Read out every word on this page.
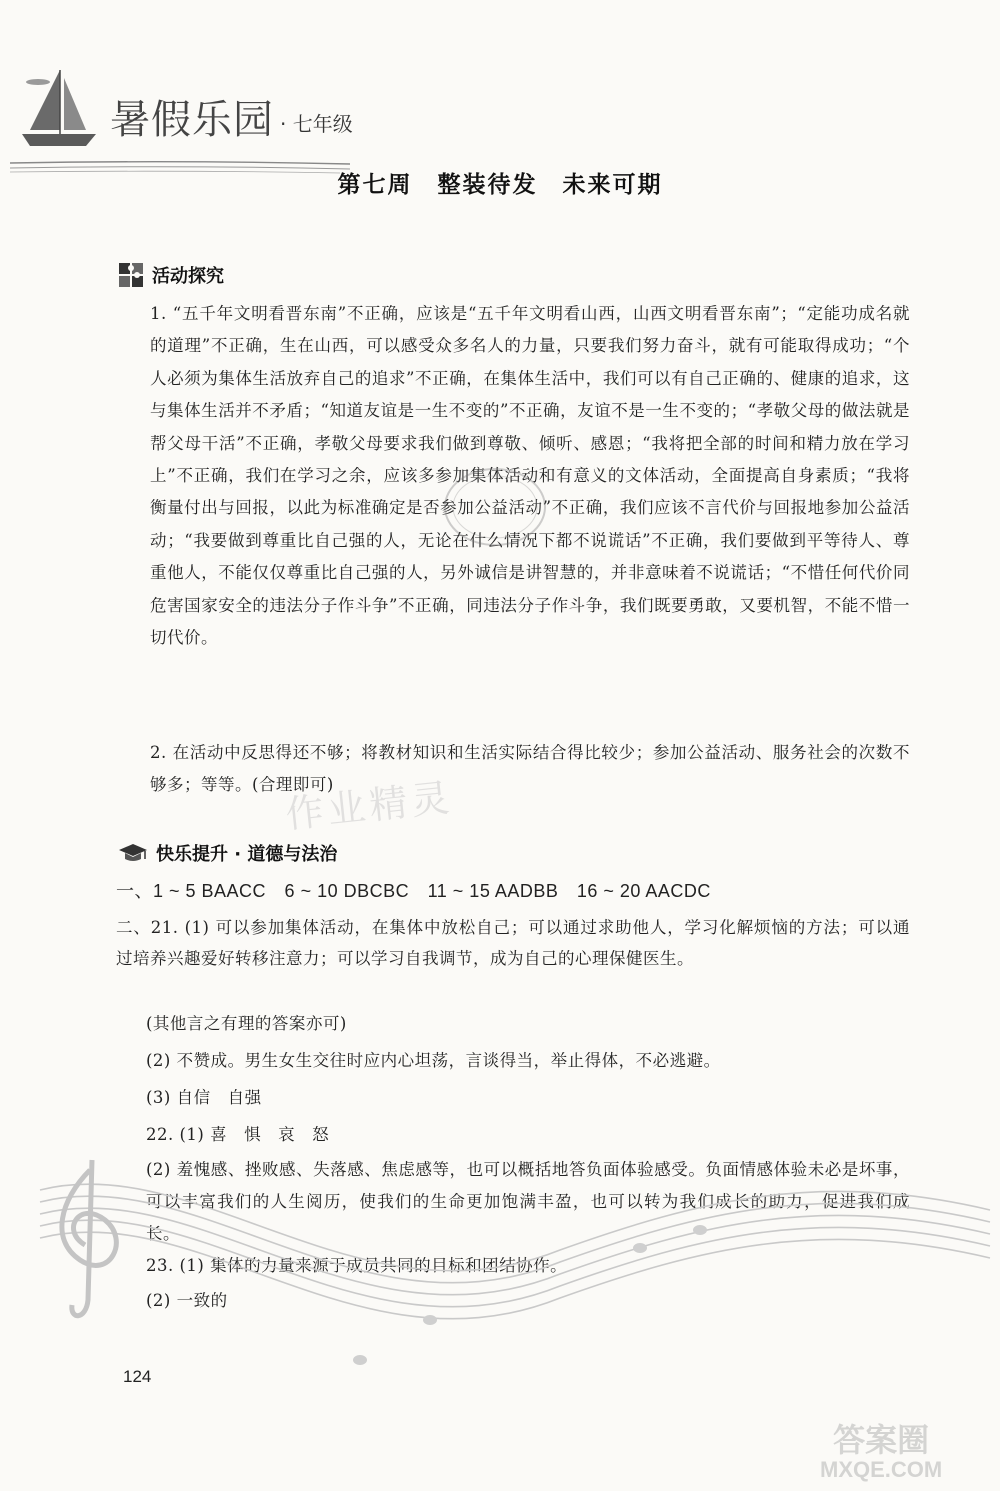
暑假乐园 · 七年级
第七周　整装待发　未来可期
活动探究
1. “五千年文明看晋东南”不正确，应该是“五千年文明看山西，山西文明看晋东南”；“定能功成名就的道理”不正确，生在山西，可以感受众多名人的力量，只要我们努力奋斗，就有可能取得成功；“个人必须为集体生活放弃自己的追求”不正确，在集体生活中，我们可以有自己正确的、健康的追求，这与集体生活并不矛盾；“知道友谊是一生不变的”不正确，友谊不是一生不变的；“孝敬父母的做法就是帮父母干活”不正确，孝敬父母要求我们做到尊敬、倾听、感恩；“我将把全部的时间和精力放在学习上”不正确，我们在学习之余，应该多参加集体活动和有意义的文体活动，全面提高自身素质；“我将衡量付出与回报，以此为标准确定是否参加公益活动”不正确，我们应该不言代价与回报地参加公益活动；“我要做到尊重比自己强的人，无论在什么情况下都不说谎话”不正确，我们要做到平等待人、尊重他人，不能仅仅尊重比自己强的人，另外诚信是讲智慧的，并非意味着不说谎话；“不惜任何代价同危害国家安全的违法分子作斗争”不正确，同违法分子作斗争，我们既要勇敢，又要机智，不能不惜一切代价。
2. 在活动中反思得还不够；将教材知识和生活实际结合得比较少；参加公益活动、服务社会的次数不够多；等等。(合理即可)
快乐提升 · 道德与法治
一、1 ~ 5 BAACC　6 ~ 10 DBCBC　11 ~ 15 AADBB　16 ~ 20 AACDC
二、21. (1) 可以参加集体活动，在集体中放松自己；可以通过求助他人，学习化解烦恼的方法；可以通过培养兴趣爱好转移注意力；可以学习自我调节，成为自己的心理保健医生。
(其他言之有理的答案亦可)
(2) 不赞成。男生女生交往时应内心坦荡，言谈得当，举止得体，不必逃避。
(3) 自信　自强
22. (1) 喜　惧　哀　怒
(2) 羞愧感、挫败感、失落感、焦虑感等，也可以概括地答负面体验感受。负面情感体验未必是坏事，可以丰富我们的人生阅历，使我们的生命更加饱满丰盈，也可以转为我们成长的助力，促进我们成长。
23. (1) 集体的力量来源于成员共同的目标和团结协作。
(2) 一致的
作业精灵
124
答案圈
MXQE.COM
